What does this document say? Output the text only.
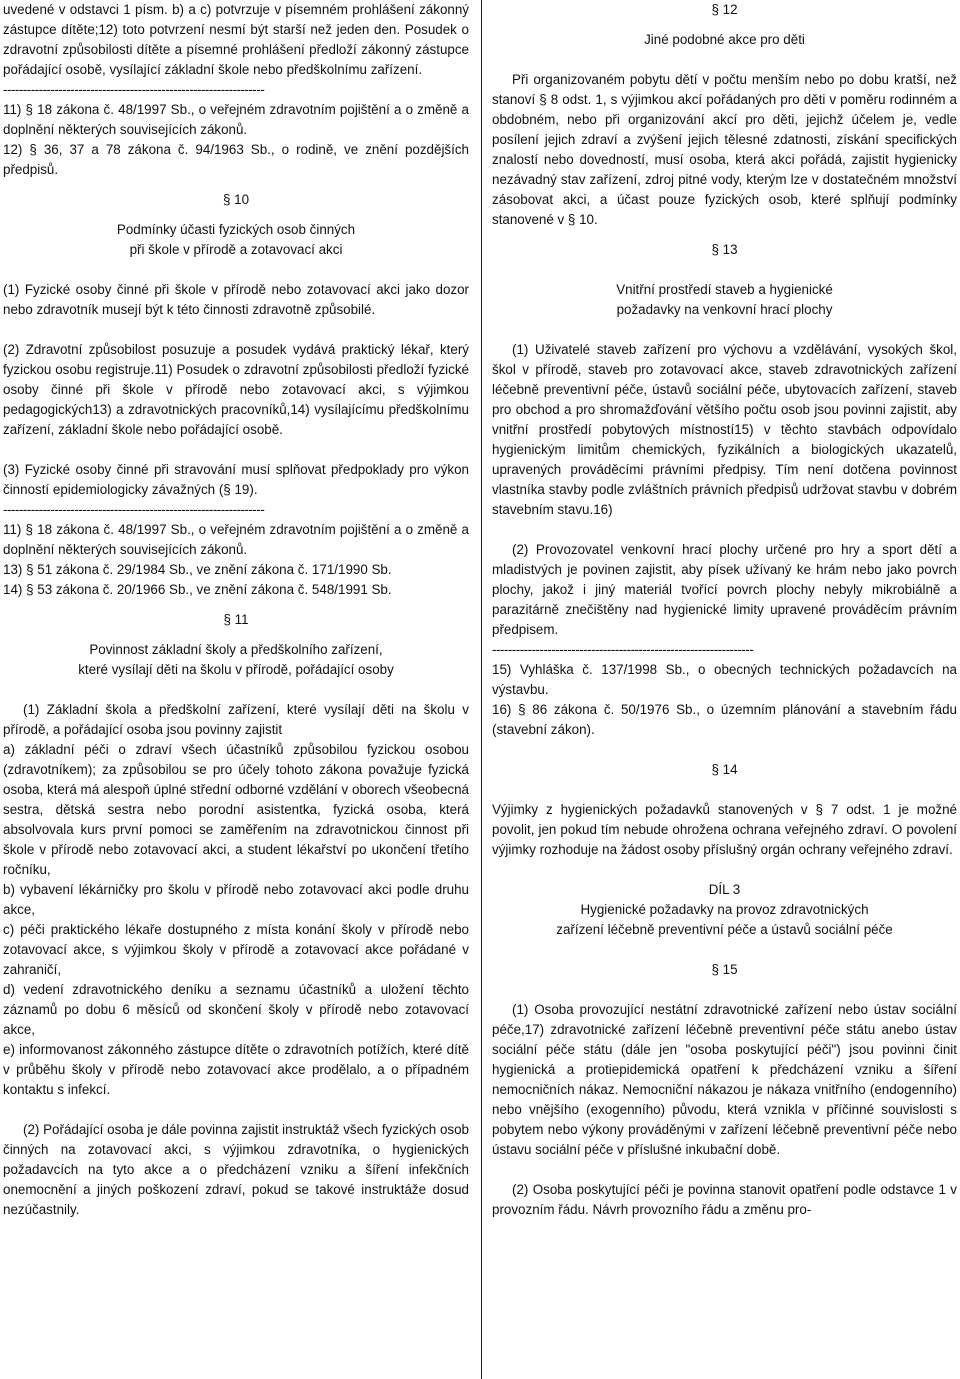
uvedené v odstavci 1 písm. b) a c) potvrzuje v písemném prohlášení zákonný zástupce dítěte;12) toto potvrzení nesmí být starší než jeden den. Posudek o zdravotní způsobilosti dítěte a písemné prohlášení předloží zákonný zástupce pořádající osobě, vysílající základní škole nebo předškolnímu zařízení.

------------------------------------------------------------------

11) § 18 zákona č. 48/1997 Sb., o veřejném zdravotním pojištění a o změně a doplnění některých souvisejících zákonů.

12) § 36, 37 a 78 zákona č. 94/1963 Sb., o rodině, ve znění pozdějších předpisů.

§ 10

Podmínky účasti fyzických osob činných

při škole v přírodě a zotavovací akci

(1) Fyzické osoby činné při škole v přírodě nebo zotavovací akci jako dozor nebo zdravotník musejí být k této činnosti zdravotně způsobilé.

(2) Zdravotní způsobilost posuzuje a posudek vydává praktický lékař, který fyzickou osobu registruje.11) Posudek o zdravotní způsobilosti předloží fyzické osoby činné při škole v přírodě nebo zotavovací akci, s výjimkou pedagogických13) a zdravotnických pracovníků,14) vysílajícímu předškolnímu zařízení, základní škole nebo pořádající osobě.

(3) Fyzické osoby činné při stravování musí splňovat předpoklady pro výkon činností epidemiologicky závažných (§ 19).

------------------------------------------------------------------

11) § 18 zákona č. 48/1997 Sb., o veřejném zdravotním pojištění a o změně a doplnění některých souvisejících zákonů.

13) § 51 zákona č. 29/1984 Sb., ve znění zákona č. 171/1990 Sb.

14) § 53 zákona č. 20/1966 Sb., ve znění zákona č. 548/1991 Sb.

§ 11

Povinnost základní školy a předškolního zařízení,

které vysílají děti na školu v přírodě, pořádající osoby

(1) Základní škola a předškolní zařízení, které vysílají děti na školu v přírodě, a pořádající osoba jsou povinny zajistit

a) základní péči o zdraví všech účastníků způsobilou fyzickou osobou (zdravotníkem); za způsobilou se pro účely tohoto zákona považuje fyzická osoba, která má alespoň úplné střední odborné vzdělání v oborech všeobecná sestra, dětská sestra nebo porodní asistentka, fyzická osoba, která absolvovala kurs první pomoci se zaměřením na zdravotnickou činnost při škole v přírodě nebo zotavovací akci, a student lékařství po ukončení třetího ročníku,

b) vybavení lékárničky pro školu v přírodě nebo zotavovací akci podle druhu akce,

c) péči praktického lékaře dostupného z místa konání školy v přírodě nebo zotavovací akce, s výjimkou školy v přírodě a zotavovací akce pořádané v zahraničí,

d) vedení zdravotnického deníku a seznamu účastníků a uložení těchto záznamů po dobu 6 měsíců od skončení školy v přírodě nebo zotavovací akce,

e) informovanost zákonného zástupce dítěte o zdravotních potížích, které dítě v průběhu školy v přírodě nebo zotavovací akce prodělalo, a o případném kontaktu s infekcí.

(2) Pořádající osoba je dále povinna zajistit instruktáž všech fyzických osob činných na zotavovací akci, s výjimkou zdravotníka, o hygienických požadavcích na tyto akce a o předcházení vzniku a šíření infekčních onemocnění a jiných poškození zdraví, pokud se takové instruktáže dosud nezúčastnily.

§ 12

Jiné podobné akce pro děti

Při organizovaném pobytu dětí v počtu menším nebo po dobu kratší, než stanoví § 8 odst. 1, s výjimkou akcí pořádaných pro děti v poměru rodinném a obdobném, nebo při organizování akcí pro děti, jejichž účelem je, vedle posílení jejich zdraví a zvýšení jejich tělesné zdatnosti, získání specifických znalostí nebo dovedností, musí osoba, která akci pořádá, zajistit hygienicky nezávadný stav zařízení, zdroj pitné vody, kterým lze v dostatečném množství zásobovat akci, a účast pouze fyzických osob, které splňují podmínky stanovené v § 10.

§ 13

Vnitřní prostředí staveb a hygienické

požadavky na venkovní hrací plochy

(1) Uživatelé staveb zařízení pro výchovu a vzdělávání, vysokých škol, škol v přírodě, staveb pro zotavovací akce, staveb zdravotnických zařízení léčebně preventivní péče, ústavů sociální péče, ubytovacích zařízení, staveb pro obchod a pro shromažďování většího počtu osob jsou povinni zajistit, aby vnitřní prostředí pobytových místností15) v těchto stavbách odpovídalo hygienickým limitům chemických, fyzikálních a biologických ukazatelů, upravených prováděcími právními předpisy. Tím není dotčena povinnost vlastníka stavby podle zvláštních právních předpisů udržovat stavbu v dobrém stavebním stavu.16)

(2) Provozovatel venkovní hrací plochy určené pro hry a sport dětí a mladistvých je povinen zajistit, aby písek užívaný ke hrám nebo jako povrch plochy, jakož i jiný materiál tvořící povrch plochy nebyly mikrobiálně a parazitárně znečištěny nad hygienické limity upravené prováděcím právním předpisem.

------------------------------------------------------------------

15) Vyhláška č. 137/1998 Sb., o obecných technických požadavcích na výstavbu.

16) § 86 zákona č. 50/1976 Sb., o územním plánování a stavebním řádu (stavební zákon).

§ 14

Výjimky z hygienických požadavků stanovených v § 7 odst. 1 je možné povolit, jen pokud tím nebude ohrožena ochrana veřejného zdraví. O povolení výjimky rozhoduje na žádost osoby příslušný orgán ochrany veřejného zdraví.

DÍL 3

Hygienické požadavky na provoz zdravotnických

zařízení léčebně preventivní péče a ústavů sociální péče

§ 15

(1) Osoba provozující nestátní zdravotnické zařízení nebo ústav sociální péče,17) zdravotnické zařízení léčebně preventivní péče státu anebo ústav sociální péče státu (dále jen "osoba poskytující péči") jsou povinni činit hygienická a protiepidemická opatření k předcházení vzniku a šíření nemocničních nákaz. Nemocniční nákazou je nákaza vnitřního (endogenního) nebo vnějšího (exogenního) původu, která vznikla v příčinné souvislosti s pobytem nebo výkony prováděnými v zařízení léčebně preventivní péče nebo ústavu sociální péče v příslušné inkubační době.

(2) Osoba poskytující péči je povinna stanovit opatření podle odstavce 1 v provozním řádu. Návrh provozního řádu a změnu pro-
